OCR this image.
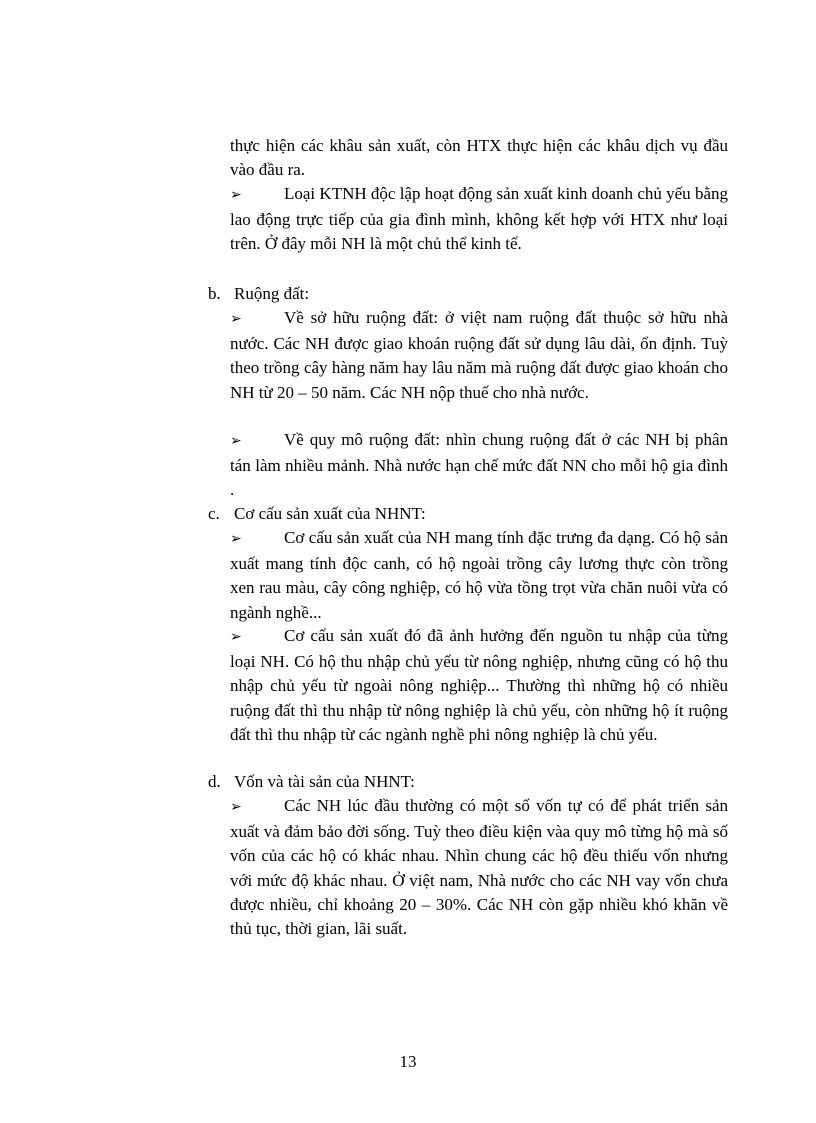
thực hiện các khâu sản xuất, còn HTX thực hiện các khâu dịch vụ đầu vào đầu ra.

➢ Loại KTNH độc lập hoạt động sản xuất kinh doanh chủ yếu bằng lao động trực tiếp của gia đình mình, không kết hợp với HTX như loại trên. Ở đây mỗi NH là một chủ thể kinh tế.

b. Ruộng đất:

➢ Về sở hữu ruộng đất: ở việt nam ruộng đất thuộc sở hữu nhà nước. Các NH được giao khoán ruộng đất sử dụng lâu dài, ổn định. Tuỳ theo trồng cây hàng năm hay lâu năm mà ruộng đất được giao khoán cho NH từ 20 – 50 năm. Các NH nộp thuế cho nhà nước.

➢ Về quy mô ruộng đất: nhìn chung ruộng đất ở các NH bị phân tán làm nhiều mảnh. Nhà nước hạn chế mức đất NN cho mỗi hộ gia đình .

c. Cơ cấu sản xuất của NHNT:

➢ Cơ cấu sản xuất của NH mang tính đặc trưng đa dạng. Có hộ sản xuất mang tính độc canh, có hộ ngoài trồng cây lương thực còn trồng xen rau màu, cây công nghiệp, có hộ vừa tồng trọt vừa chăn nuôi vừa có ngành nghề...

➢ Cơ cấu sản xuất đó đã ảnh hưởng đến nguồn tu nhập của từng loại NH. Có hộ thu nhập chủ yếu từ nông nghiệp, nhưng cũng có hộ thu nhập chủ yếu từ ngoài nông nghiệp... Thường thì những hộ có nhiều ruộng đất thì thu nhập từ nông nghiệp là chủ yếu, còn những hộ ít ruộng đất thì thu nhập từ các ngành nghề phi nông nghiệp là chủ yếu.

d. Vốn và tài sản của NHNT:

➢ Các NH lúc đầu thường có một số vốn tự có để phát triển sản xuất và đảm bảo đời sống. Tuỳ theo điều kiện vàa quy mô từng hộ mà số vốn của các hộ có khác nhau. Nhìn chung các hộ đều thiếu vốn nhưng với mức độ khác nhau. Ở việt nam, Nhà nước cho các NH vay vốn chưa được nhiều, chỉ khoảng 20 – 30%. Các NH còn gặp nhiều khó khăn về thủ tục, thời gian, lãi suất.

13
